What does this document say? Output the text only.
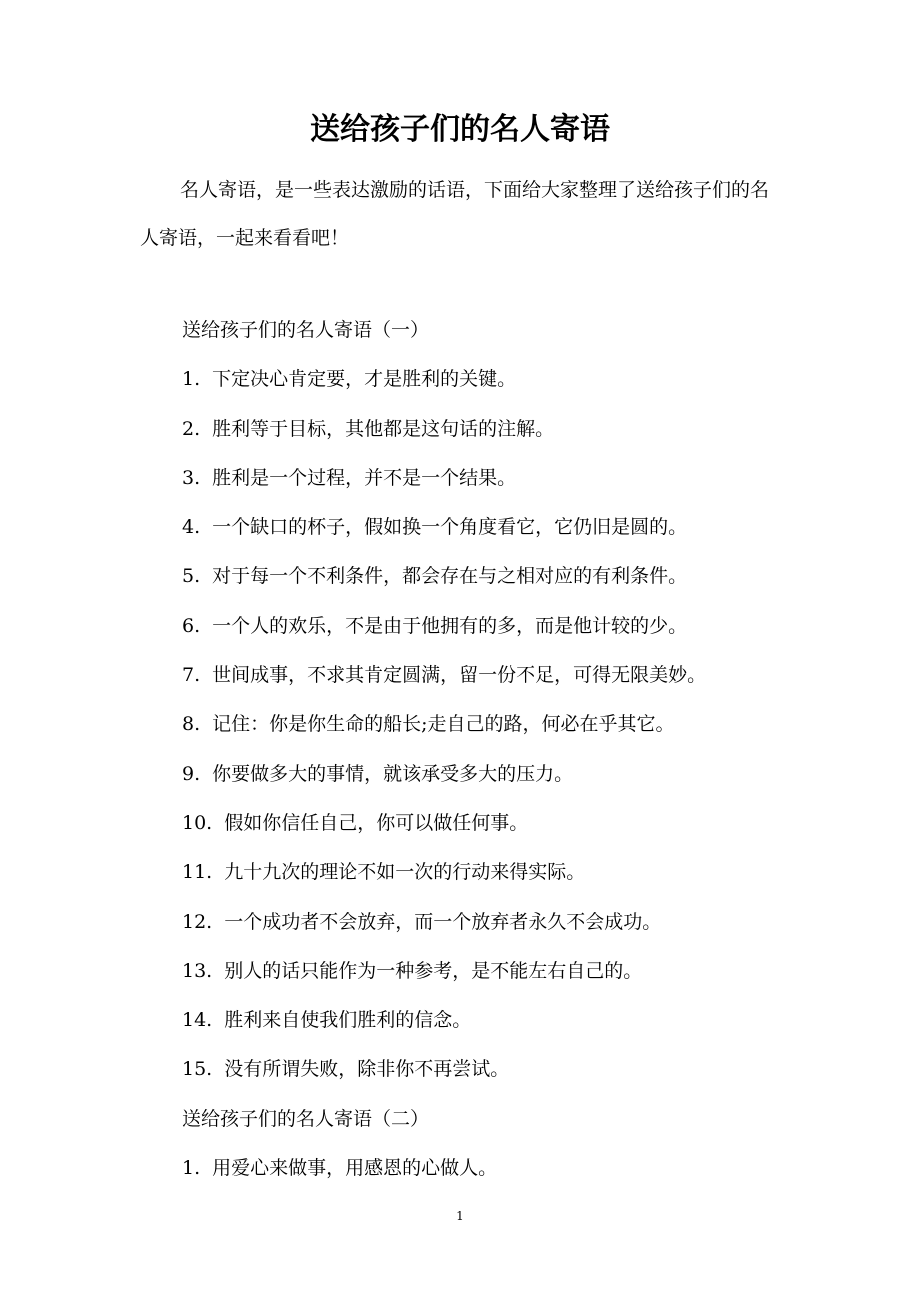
送给孩子们的名人寄语

名人寄语，是一些表达激励的话语，下面给大家整理了送给孩子们的名人寄语，一起来看看吧！

送给孩子们的名人寄语（一）

1. 下定决心肯定要，才是胜利的关键。

2. 胜利等于目标，其他都是这句话的注解。

3. 胜利是一个过程，并不是一个结果。

4. 一个缺口的杯子，假如换一个角度看它，它仍旧是圆的。

5. 对于每一个不利条件，都会存在与之相对应的有利条件。

6. 一个人的欢乐，不是由于他拥有的多，而是他计较的少。

7. 世间成事，不求其肯定圆满，留一份不足，可得无限美妙。

8. 记住：你是你生命的船长;走自己的路，何必在乎其它。

9. 你要做多大的事情，就该承受多大的压力。

10. 假如你信任自己，你可以做任何事。

11. 九十九次的理论不如一次的行动来得实际。

12. 一个成功者不会放弃，而一个放弃者永久不会成功。

13. 别人的话只能作为一种参考，是不能左右自己的。

14. 胜利来自使我们胜利的信念。

15. 没有所谓失败，除非你不再尝试。

送给孩子们的名人寄语（二）

1. 用爱心来做事，用感恩的心做人。

1
